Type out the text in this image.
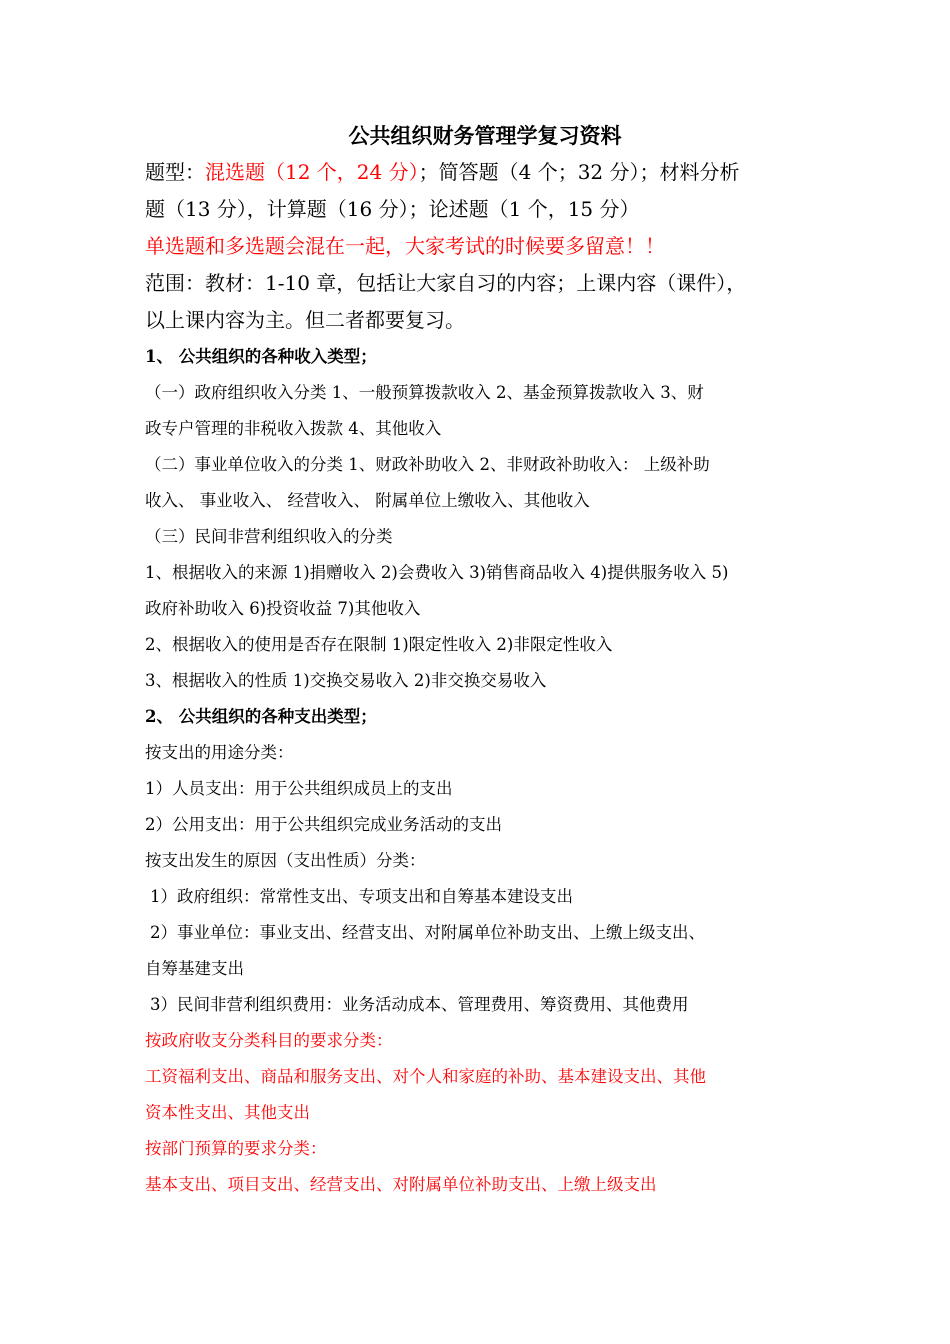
公共组织财务管理学复习资料

题型：混选题（12 个，24 分）；简答题（4 个；32 分）；材料分析

题（13 分），计算题（16 分）；论述题（1 个，15 分）

单选题和多选题会混在一起，大家考试的时候要多留意！！

范围：教材：1-10 章，包括让大家自习的内容；上课内容（课件），

以上课内容为主。但二者都要复习。

1、 公共组织的各种收入类型；

（一）政府组织收入分类 1、一般预算拨款收入 2、基金预算拨款收入 3、财

政专户管理的非税收入拨款 4、其他收入

（二）事业单位收入的分类 1、财政补助收入 2、非财政补助收入： 上级补助

收入、 事业收入、 经营收入、 附属单位上缴收入、其他收入

（三）民间非营利组织收入的分类

1、根据收入的来源 1)捐赠收入 2)会费收入 3)销售商品收入 4)提供服务收入 5)

政府补助收入 6)投资收益 7)其他收入

2、根据收入的使用是否存在限制 1)限定性收入 2)非限定性收入

3、根据收入的性质 1)交换交易收入 2)非交换交易收入

2、 公共组织的各种支出类型；

按支出的用途分类：

1）人员支出：用于公共组织成员上的支出

2）公用支出：用于公共组织完成业务活动的支出

按支出发生的原因（支出性质）分类：

1）政府组织：常常性支出、专项支出和自筹基本建设支出

2）事业单位：事业支出、经营支出、对附属单位补助支出、上缴上级支出、

自筹基建支出

3）民间非营利组织费用：业务活动成本、管理费用、筹资费用、其他费用

按政府收支分类科目的要求分类：

工资福利支出、商品和服务支出、对个人和家庭的补助、基本建设支出、其他

资本性支出、其他支出

按部门预算的要求分类：

基本支出、项目支出、经营支出、对附属单位补助支出、上缴上级支出
